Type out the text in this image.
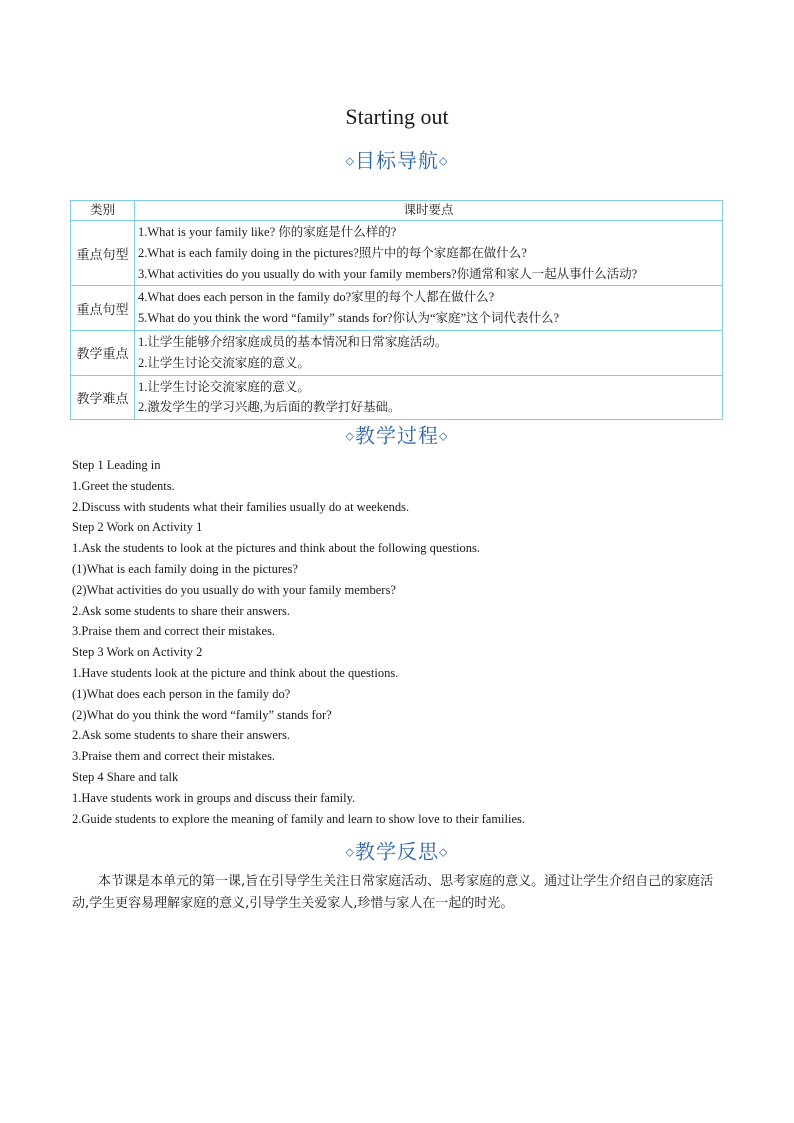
Starting out
◇目标导航◇
类别	课时要点
重点句型	1.What is your family like? 你的家庭是什么样的?
2.What is each family doing in the pictures?照片中的每个家庭都在做什么?
3.What activities do you usually do with your family members?你通常和家人一起从事什么活动?

重点句型	4.What does each person in the family do?家里的每个人都在做什么?
5.What do you think the word “family” stands for?你认为“家庭”这个词代表什么?

教学重点	1.让学生能够介绍家庭成员的基本情况和日常家庭活动。
2.让学生讨论交流家庭的意义。

教学难点	1.让学生讨论交流家庭的意义。
2.激发学生的学习兴趣,为后面的教学打好基础。
◇教学过程◇
Step 1 Leading in
1.Greet the students.
2.Discuss with students what their families usually do at weekends.
Step 2 Work on Activity 1
1.Ask the students to look at the pictures and think about the following questions.
(1)What is each family doing in the pictures?
(2)What activities do you usually do with your family members?
2.Ask some students to share their answers.
3.Praise them and correct their mistakes.
Step 3 Work on Activity 2
1.Have students look at the picture and think about the questions.
(1)What does each person in the family do?
(2)What do you think the word “family” stands for?
2.Ask some students to share their answers.
3.Praise them and correct their mistakes.
Step 4 Share and talk
1.Have students work in groups and discuss their family.
2.Guide students to explore the meaning of family and learn to show love to their families.
◇教学反思◇
本节课是本单元的第一课,旨在引导学生关注日常家庭活动、思考家庭的意义。通过让学生介绍自己的家庭活动,学生更容易理解家庭的意义,引导学生关爱家人,珍惜与家人在一起的时光。
